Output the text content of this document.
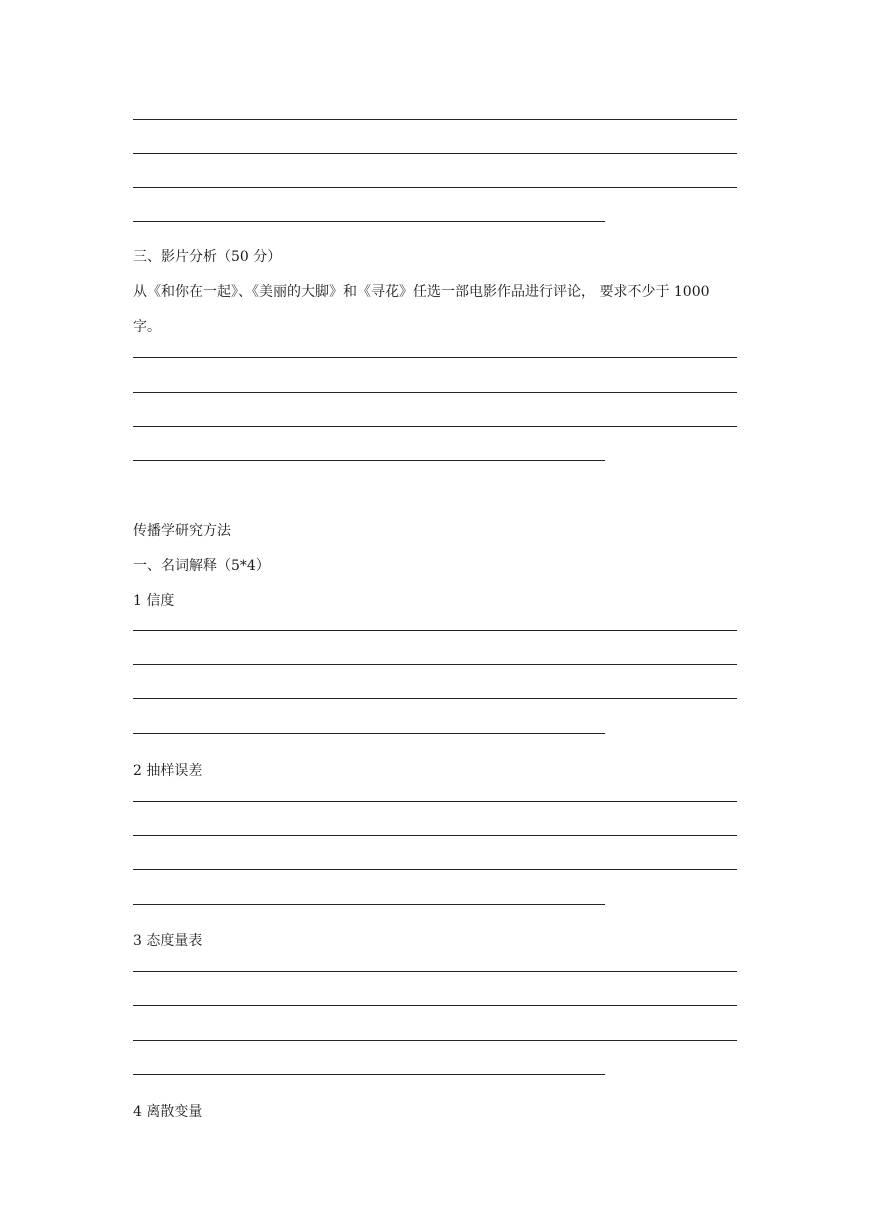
三、影片分析（50 分）
从《和你在一起》、《美丽的大脚》和《寻花》任选一部电影作品进行评论， 要求不少于 1000 字。
传播学研究方法
一、名词解释（5*4）
1 信度
2 抽样误差
3 态度量表
4 离散变量
